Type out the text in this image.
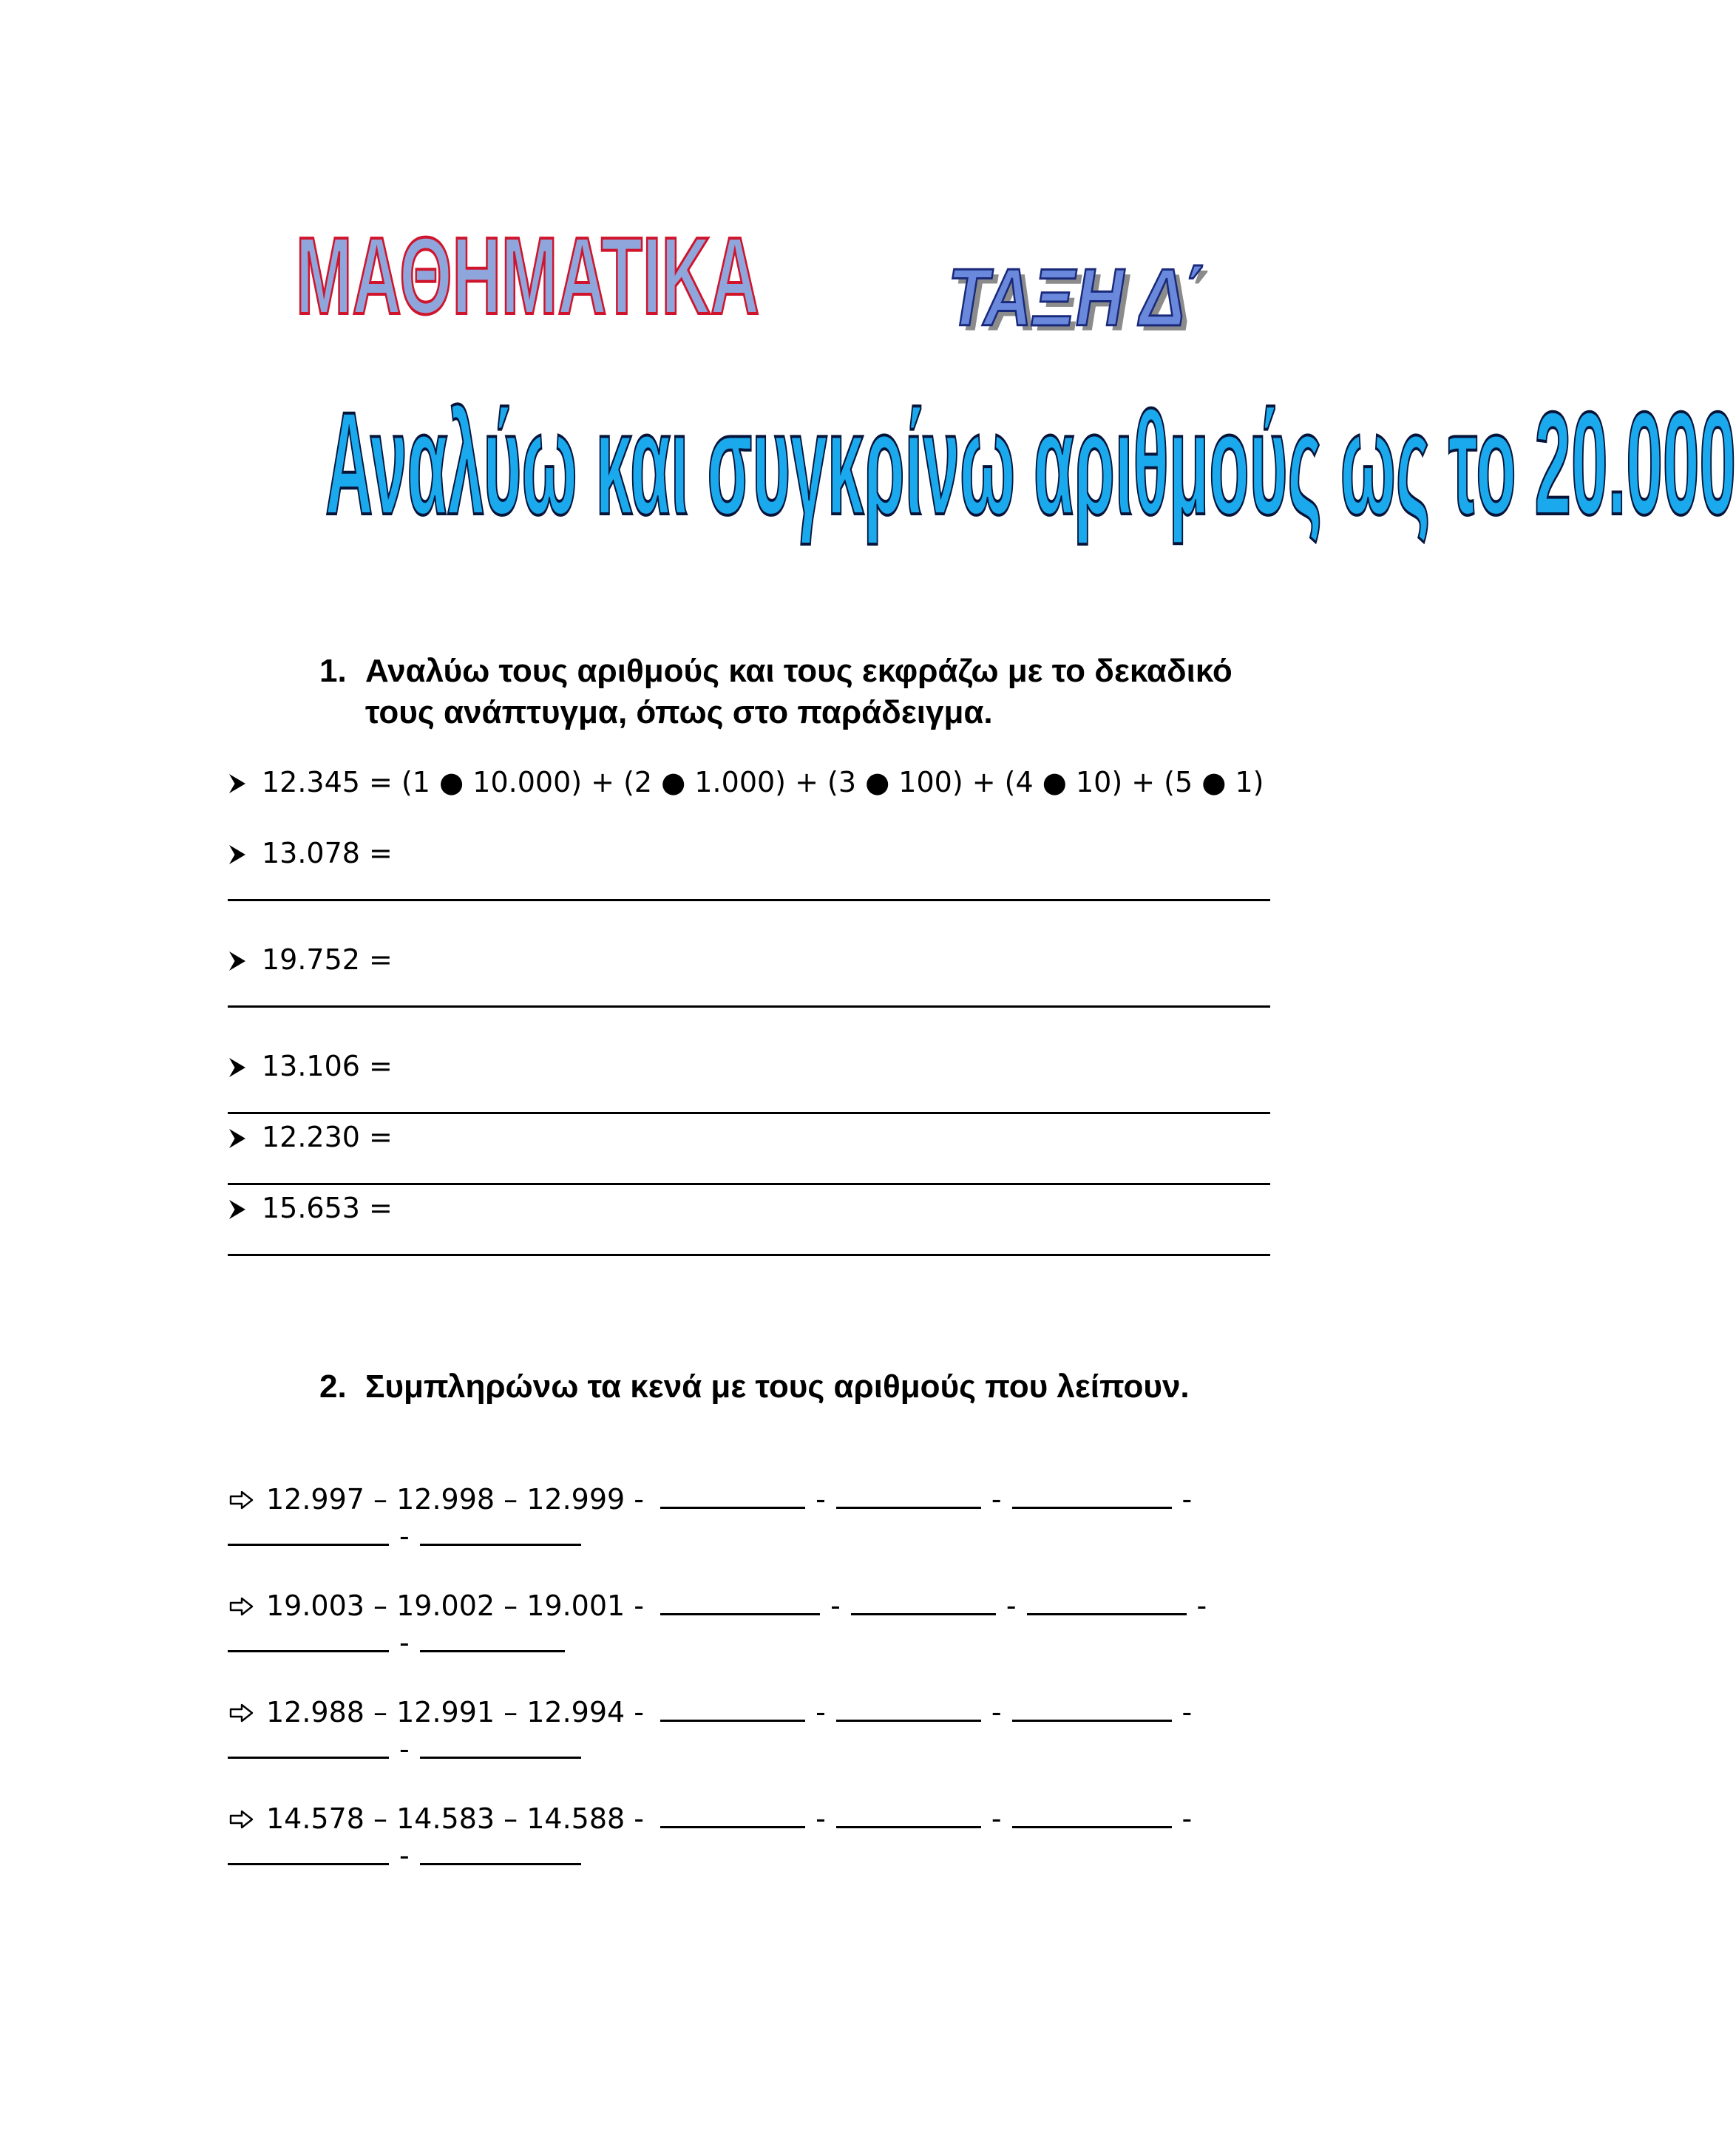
ΜΑΘΗΜΑΤΙΚΑ ΤΑΞΗ Δ΄
Αναλύω και συγκρίνω αριθμούς ως το 20.000
1. Αναλύω τους αριθμούς και τους εκφράζω με το δεκαδικό τους ανάπτυγμα, όπως στο παράδειγμα.
12.345 = (1 ● 10.000) + (2 ● 1.000) + (3 ● 100) + (4 ● 10) + (5 ● 1)
13.078 =
19.752 =
13.106 =
12.230 =
15.653 =
2. Συμπληρώνω τα κενά με τους αριθμούς που λείπουν.
12.997 – 12.998 – 12.999 -	-	-	-
-
19.003 – 19.002 – 19.001 -	-	-	-
-
12.988 – 12.991 – 12.994 -	-	-	-
-
14.578 – 14.583 – 14.588 -	-	-	-
-
